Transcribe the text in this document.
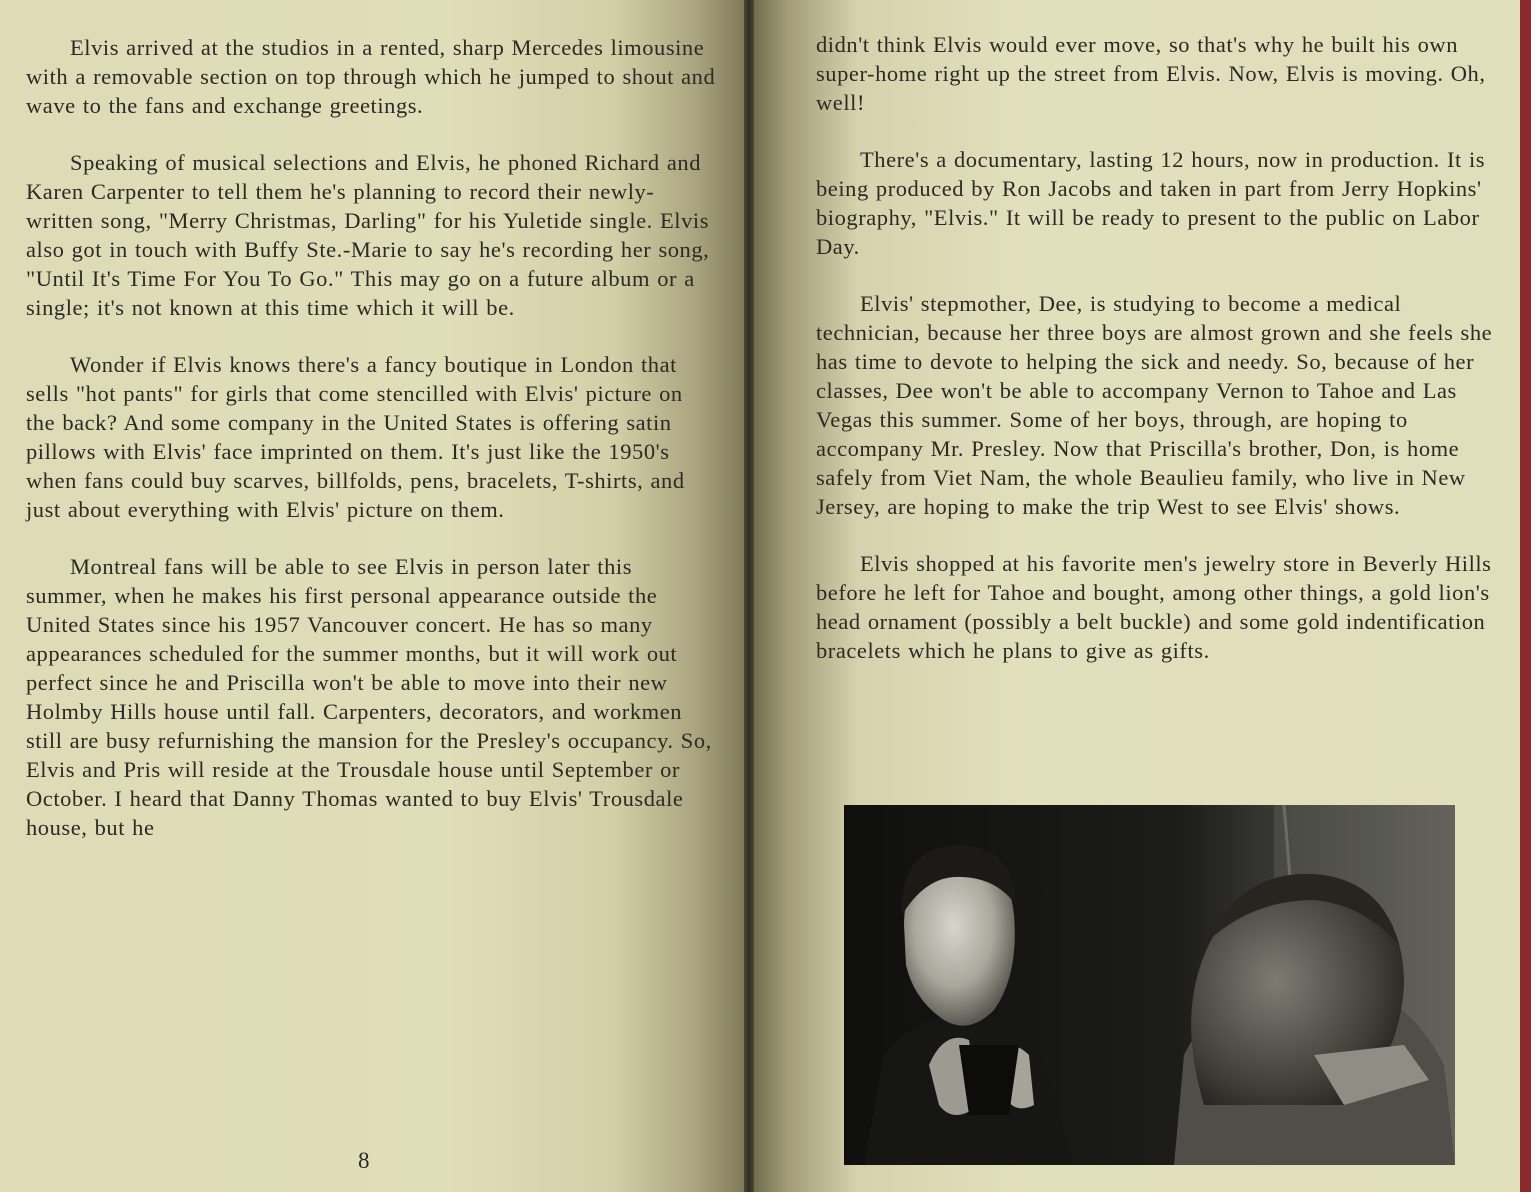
Elvis arrived at the studios in a rented, sharp Mercedes limousine with a removable section on top through which he jumped to shout and wave to the fans and exchange greetings.

Speaking of musical selections and Elvis, he phoned Richard and Karen Carpenter to tell them he's planning to record their newly-written song, "Merry Christmas, Darling" for his Yuletide single. Elvis also got in touch with Buffy Ste.-Marie to say he's recording her song, "Until It's Time For You To Go." This may go on a future album or a single; it's not known at this time which it will be.

Wonder if Elvis knows there's a fancy boutique in London that sells "hot pants" for girls that come stencilled with Elvis' picture on the back? And some company in the United States is offering satin pillows with Elvis' face imprinted on them. It's just like the 1950's when fans could buy scarves, billfolds, pens, bracelets, T-shirts, and just about everything with Elvis' picture on them.

Montreal fans will be able to see Elvis in person later this summer, when he makes his first personal appearance outside the United States since his 1957 Vancouver concert. He has so many appearances scheduled for the summer months, but it will work out perfect since he and Priscilla won't be able to move into their new Holmby Hills house until fall. Carpenters, decorators, and workmen still are busy refurnishing the mansion for the Presley's occupancy. So, Elvis and Pris will reside at the Trousdale house until September or October. I heard that Danny Thomas wanted to buy Elvis' Trousdale house, but he

8

didn't think Elvis would ever move, so that's why he built his own super-home right up the street from Elvis. Now, Elvis is moving. Oh, well!

There's a documentary, lasting 12 hours, now in production. It is being produced by Ron Jacobs and taken in part from Jerry Hopkins' biography, "Elvis." It will be ready to present to the public on Labor Day.

Elvis' stepmother, Dee, is studying to become a medical technician, because her three boys are almost grown and she feels she has time to devote to helping the sick and needy. So, because of her classes, Dee won't be able to accompany Vernon to Tahoe and Las Vegas this summer. Some of her boys, through, are hoping to accompany Mr. Presley. Now that Priscilla's brother, Don, is home safely from Viet Nam, the whole Beaulieu family, who live in New Jersey, are hoping to make the trip West to see Elvis' shows.

Elvis shopped at his favorite men's jewelry store in Beverly Hills before he left for Tahoe and bought, among other things, a gold lion's head ornament (possibly a belt buckle) and some gold indentification bracelets which he plans to give as gifts.
